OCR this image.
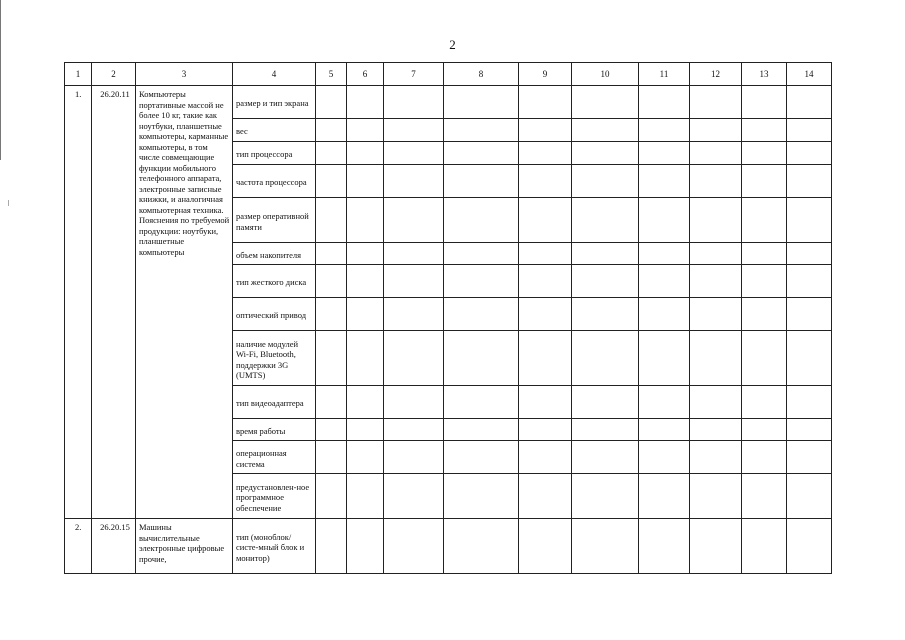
2
1	2	3	4	5	6	7	8	9	10	11	12	13	14
1.	26.20.11	Компьютеры портативные массой не более 10 кг, такие как ноутбуки, планшетные компьютеры, карманные компьютеры, в том числе совмещающие функции мобильного телефонного аппарата, электронные записные книжки, и аналогичная компьютерная техника. Пояснения по требуемой продукции: ноутбуки, планшетные компьютеры	размер и тип экрана										
			вес										
			тип процессора										
			частота процессора										
			размер оперативной памяти										
			объем накопителя										
			тип жесткого диска										
			оптический привод										
			наличие модулей Wi-Fi, Bluetooth, поддержки 3G (UMTS)										
			тип видеоадаптера										
			время работы										
			операционная система										
			предустановлен-ное программное обеспечение										
2.	26.20.15	Машины вычислительные электронные цифровые прочие,	тип (моноблок/систе-мный блок и монитор)										
